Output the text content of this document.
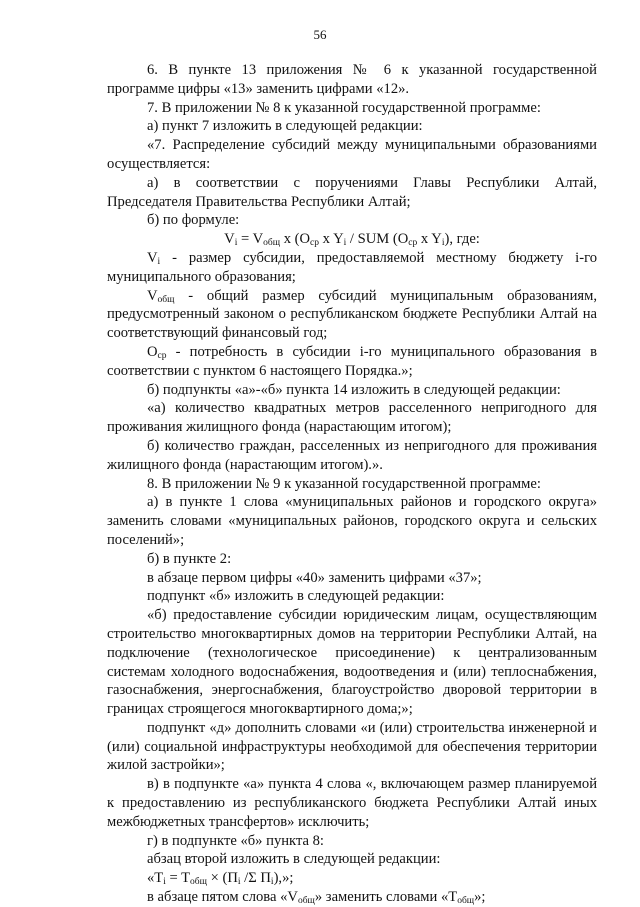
56

6. В пункте 13 приложения № 6 к указанной государственной программе цифры «13» заменить цифрами «12».

7. В приложении № 8 к указанной государственной программе:

а) пункт 7 изложить в следующей редакции:

«7. Распределение субсидий между муниципальными образованиями осуществляется:

а) в соответствии с поручениями Главы Республики Алтай, Председателя Правительства Республики Алтай;

б) по формуле:

$V_i = V_{общ}$ x ($O_{ср}$ x $Y_i$ / SUM ($O_{ср}$ x $Y_i$), где:

$V_i$ - размер субсидии, предоставляемой местному бюджету i-го муниципального образования;

$V_{общ}$ - общий размер субсидий муниципальным образованиям, предусмотренный законом о республиканском бюджете Республики Алтай на соответствующий финансовый год;

$O_{ср}$ - потребность в субсидии i-го муниципального образования в соответствии с пунктом 6 настоящего Порядка.»;

б) подпункты «а»-«б» пункта 14 изложить в следующей редакции:

«а) количество квадратных метров расселенного непригодного для проживания жилищного фонда (нарастающим итогом);

б) количество граждан, расселенных из непригодного для проживания жилищного фонда (нарастающим итогом).».

8. В приложении № 9 к указанной государственной программе:

а) в пункте 1 слова «муниципальных районов и городского округа» заменить словами «муниципальных районов, городского округа и сельских поселений»;

б) в пункте 2:

в абзаце первом цифры «40» заменить цифрами «37»;

подпункт «б» изложить в следующей редакции:

«б) предоставление субсидии юридическим лицам, осуществляющим строительство многоквартирных домов на территории Республики Алтай, на подключение (технологическое присоединение) к централизованным системам холодного водоснабжения, водоотведения и (или) теплоснабжения, газоснабжения, энергоснабжения, благоустройство дворовой территории в границах строящегося многоквартирного дома;»;

подпункт «д» дополнить словами «и (или) строительства инженерной и (или) социальной инфраструктуры необходимой для обеспечения территории жилой застройки»;

в) в подпункте «а» пункта 4 слова «, включающем размер планируемой к предоставлению из республиканского бюджета Республики Алтай иных межбюджетных трансфертов» исключить;

г) в подпункте «б» пункта 8:

абзац второй изложить в следующей редакции:

«$T_i = T_{общ} \times (П_i$ /Σ $П_i$),»;

в абзаце пятом слова «$V_{общ}$» заменить словами «$T_{общ}$»;
